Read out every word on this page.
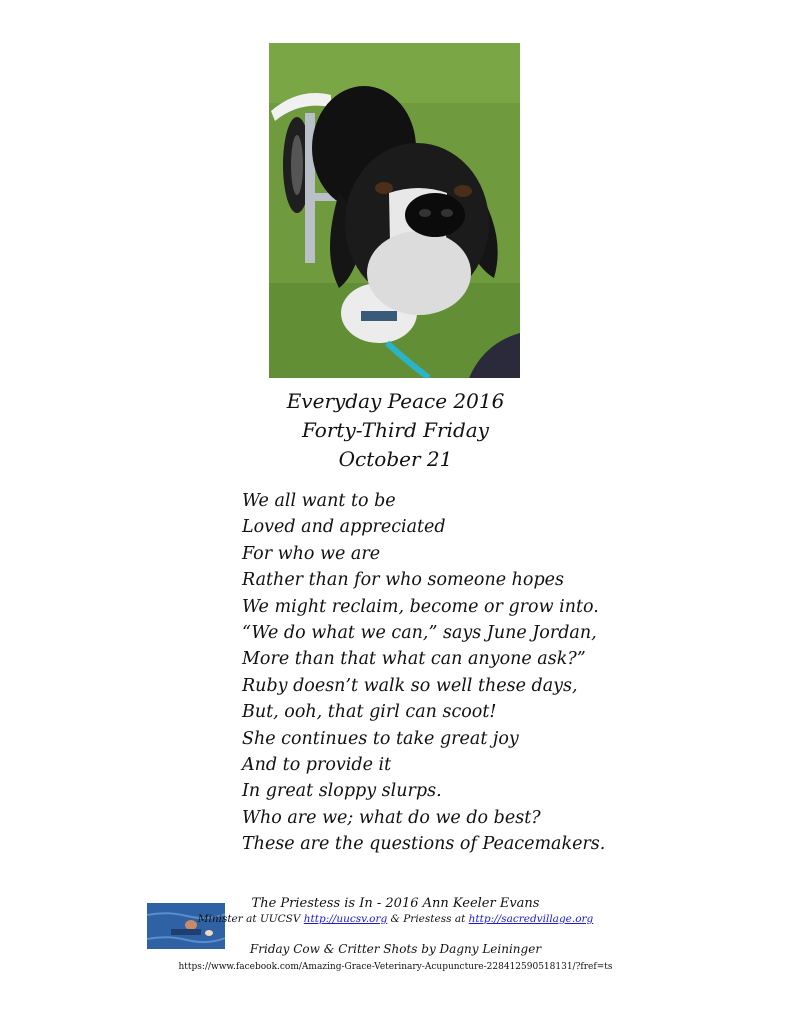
Everyday Peace 2016
Forty-Third Friday
October 21
We all want to be
Loved and appreciated
For who we are
Rather than for who someone hopes
We might reclaim, become or grow into.
“We do what we can,” says June Jordan,
More than that what can anyone ask?”
Ruby doesn’t walk so well these days,
But, ooh, that girl can scoot!
She continues to take great joy
And to provide it
In great sloppy slurps.
Who are we; what do we do best?
These are the questions of Peacemakers.
The Priestess is In - 2016 Ann Keeler Evans
Minister at UUCSV http://uucsv.org & Priestess at http://sacredvillage.org
Friday Cow & Critter Shots by Dagny Leininger
https://www.facebook.com/Amazing-Grace-Veterinary-Acupuncture-228412590518131/?fref=ts
